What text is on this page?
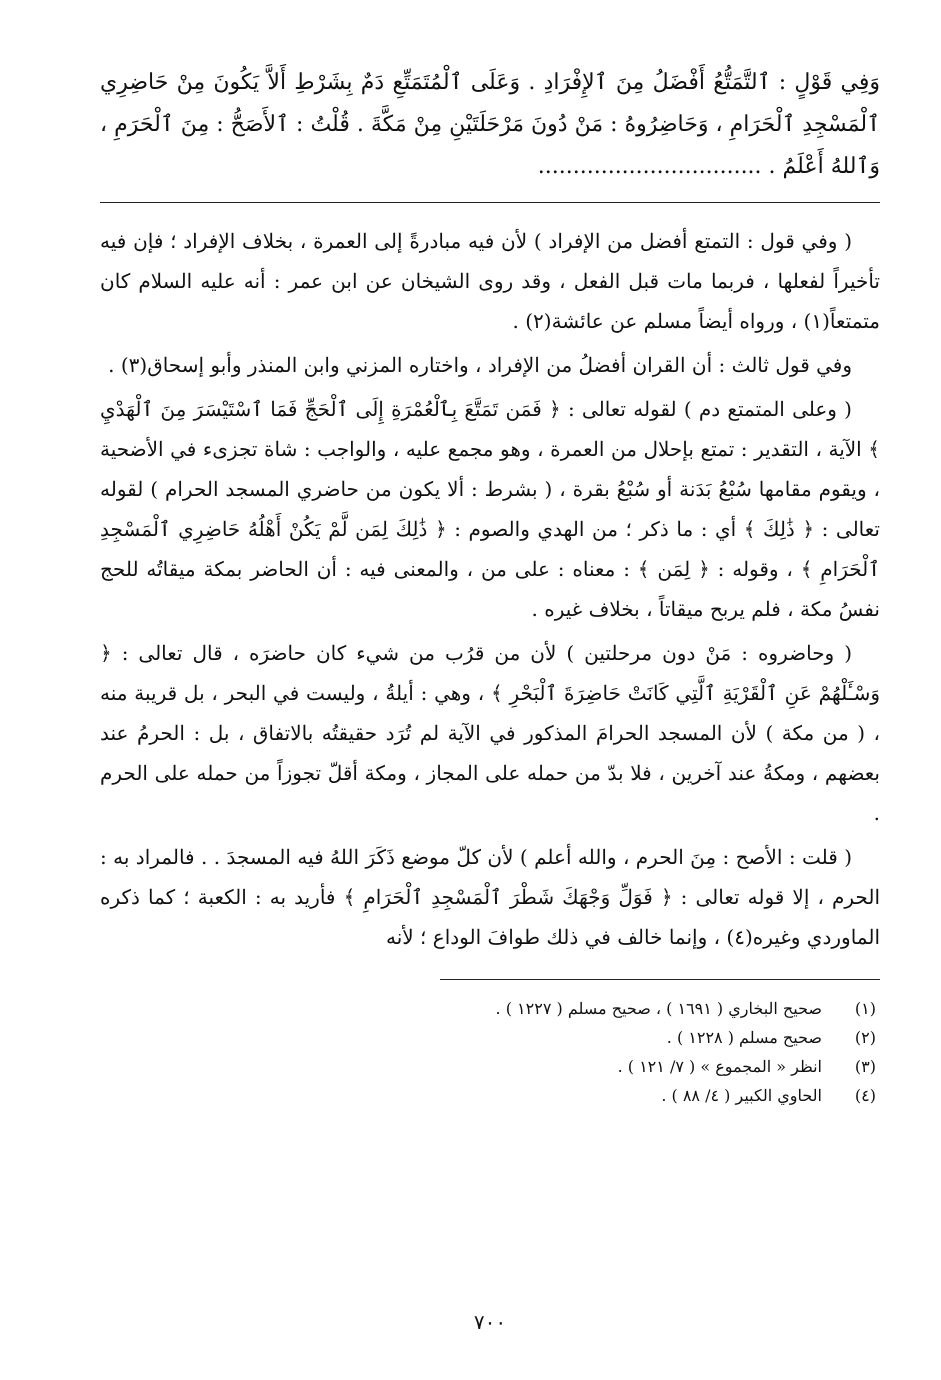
وَفِي قَوْلٍ : ٱلتَّمَتُّعُ أَفْضَلُ مِنَ ٱلإِفْرَادِ . وَعَلَى ٱلْمُتَمَتِّعِ دَمٌ بِشَرْطِ أَلاَّ يَكُونَ مِنْ حَاضِرِي ٱلْمَسْجِدِ ٱلْحَرَامِ ، وَحَاضِرُوهُ : مَنْ دُونَ مَرْحَلَتَيْنِ مِنْ مَكَّةَ . قُلْتُ : ٱلأَصَحُّ : مِنَ ٱلْحَرَمِ ، وَٱللهُ أَعْلَمُ . ................................

( وفي قول : التمتع أفضل من الإفراد ) لأن فيه مبادرةً إلى العمرة ، بخلاف الإفراد ؛ فإن فيه تأخيراً لفعلها ، فربما مات قبل الفعل ، وقد روى الشيخان عن ابن عمر : أنه عليه السلام كان متمتعاً(١) ، ورواه أيضاً مسلم عن عائشة(٢) .

وفي قول ثالث : أن القران أفضلُ من الإفراد ، واختاره المزني وابن المنذر وأبو إسحاق(٣) .

( وعلى المتمتع دم ) لقوله تعالى : ﴿ فَمَن تَمَتَّعَ بِٱلْعُمْرَةِ إِلَى ٱلْحَجِّ فَمَا ٱسْتَيْسَرَ مِنَ ٱلْهَدْيِ ﴾ الآية ، التقدير : تمتع بإحلال من العمرة ، وهو مجمع عليه ، والواجب : شاة تجزىء في الأضحية ، ويقوم مقامها سُبْعُ بَدَنة أو سُبْعُ بقرة ، ( بشرط : ألا يكون من حاضري المسجد الحرام ) لقوله تعالى : ﴿ ذَٰلِكَ ﴾ أي : ما ذكر ؛ من الهدي والصوم : ﴿ ذَٰلِكَ لِمَن لَّمْ يَكُنْ أَهْلُهُ حَاضِرِي ٱلْمَسْجِدِ ٱلْحَرَامِ ﴾ ، وقوله : ﴿ لِمَن ﴾ : معناه : على من ، والمعنى فيه : أن الحاضر بمكة ميقاتُه للحج نفسُ مكة ، فلم يربح ميقاتاً ، بخلاف غيره .

( وحاضروه : مَنْ دون مرحلتين ) لأن من قرُب من شيء كان حاضرَه ، قال تعالى : ﴿ وَسْـَٔلْهُمْ عَنِ ٱلْقَرْيَةِ ٱلَّتِي كَانَتْ حَاضِرَةَ ٱلْبَحْرِ ﴾ ، وهي : أيلةُ ، وليست في البحر ، بل قريبة منه ، ( من مكة ) لأن المسجد الحرامَ المذكور في الآية لم تُرَد حقيقتُه بالاتفاق ، بل : الحرمُ عند بعضهم ، ومكةُ عند آخرين ، فلا بدّ من حمله على المجاز ، ومكة أقلّ تجوزاً من حمله على الحرم .

( قلت : الأصح : مِنَ الحرم ، والله أعلم ) لأن كلّ موضع ذَكَرَ اللهُ فيه المسجدَ . . فالمراد به : الحرم ، إلا قوله تعالى : ﴿ فَوَلِّ وَجْهَكَ شَطْرَ ٱلْمَسْجِدِ ٱلْحَرَامِ ﴾ فأريد به : الكعبة ؛ كما ذكره الماوردي وغيره(٤) ، وإنما خالف في ذلك طوافَ الوداع ؛ لأنه

(١)
صحيح البخاري ( ١٦٩١ ) ، صحيح مسلم ( ١٢٢٧ ) .
(٢)
صحيح مسلم ( ١٢٢٨ ) .
(٣)
انظر « المجموع » ( ٧/ ١٢١ ) .
(٤)
الحاوي الكبير ( ٤/ ٨٨ ) .
٧٠٠
